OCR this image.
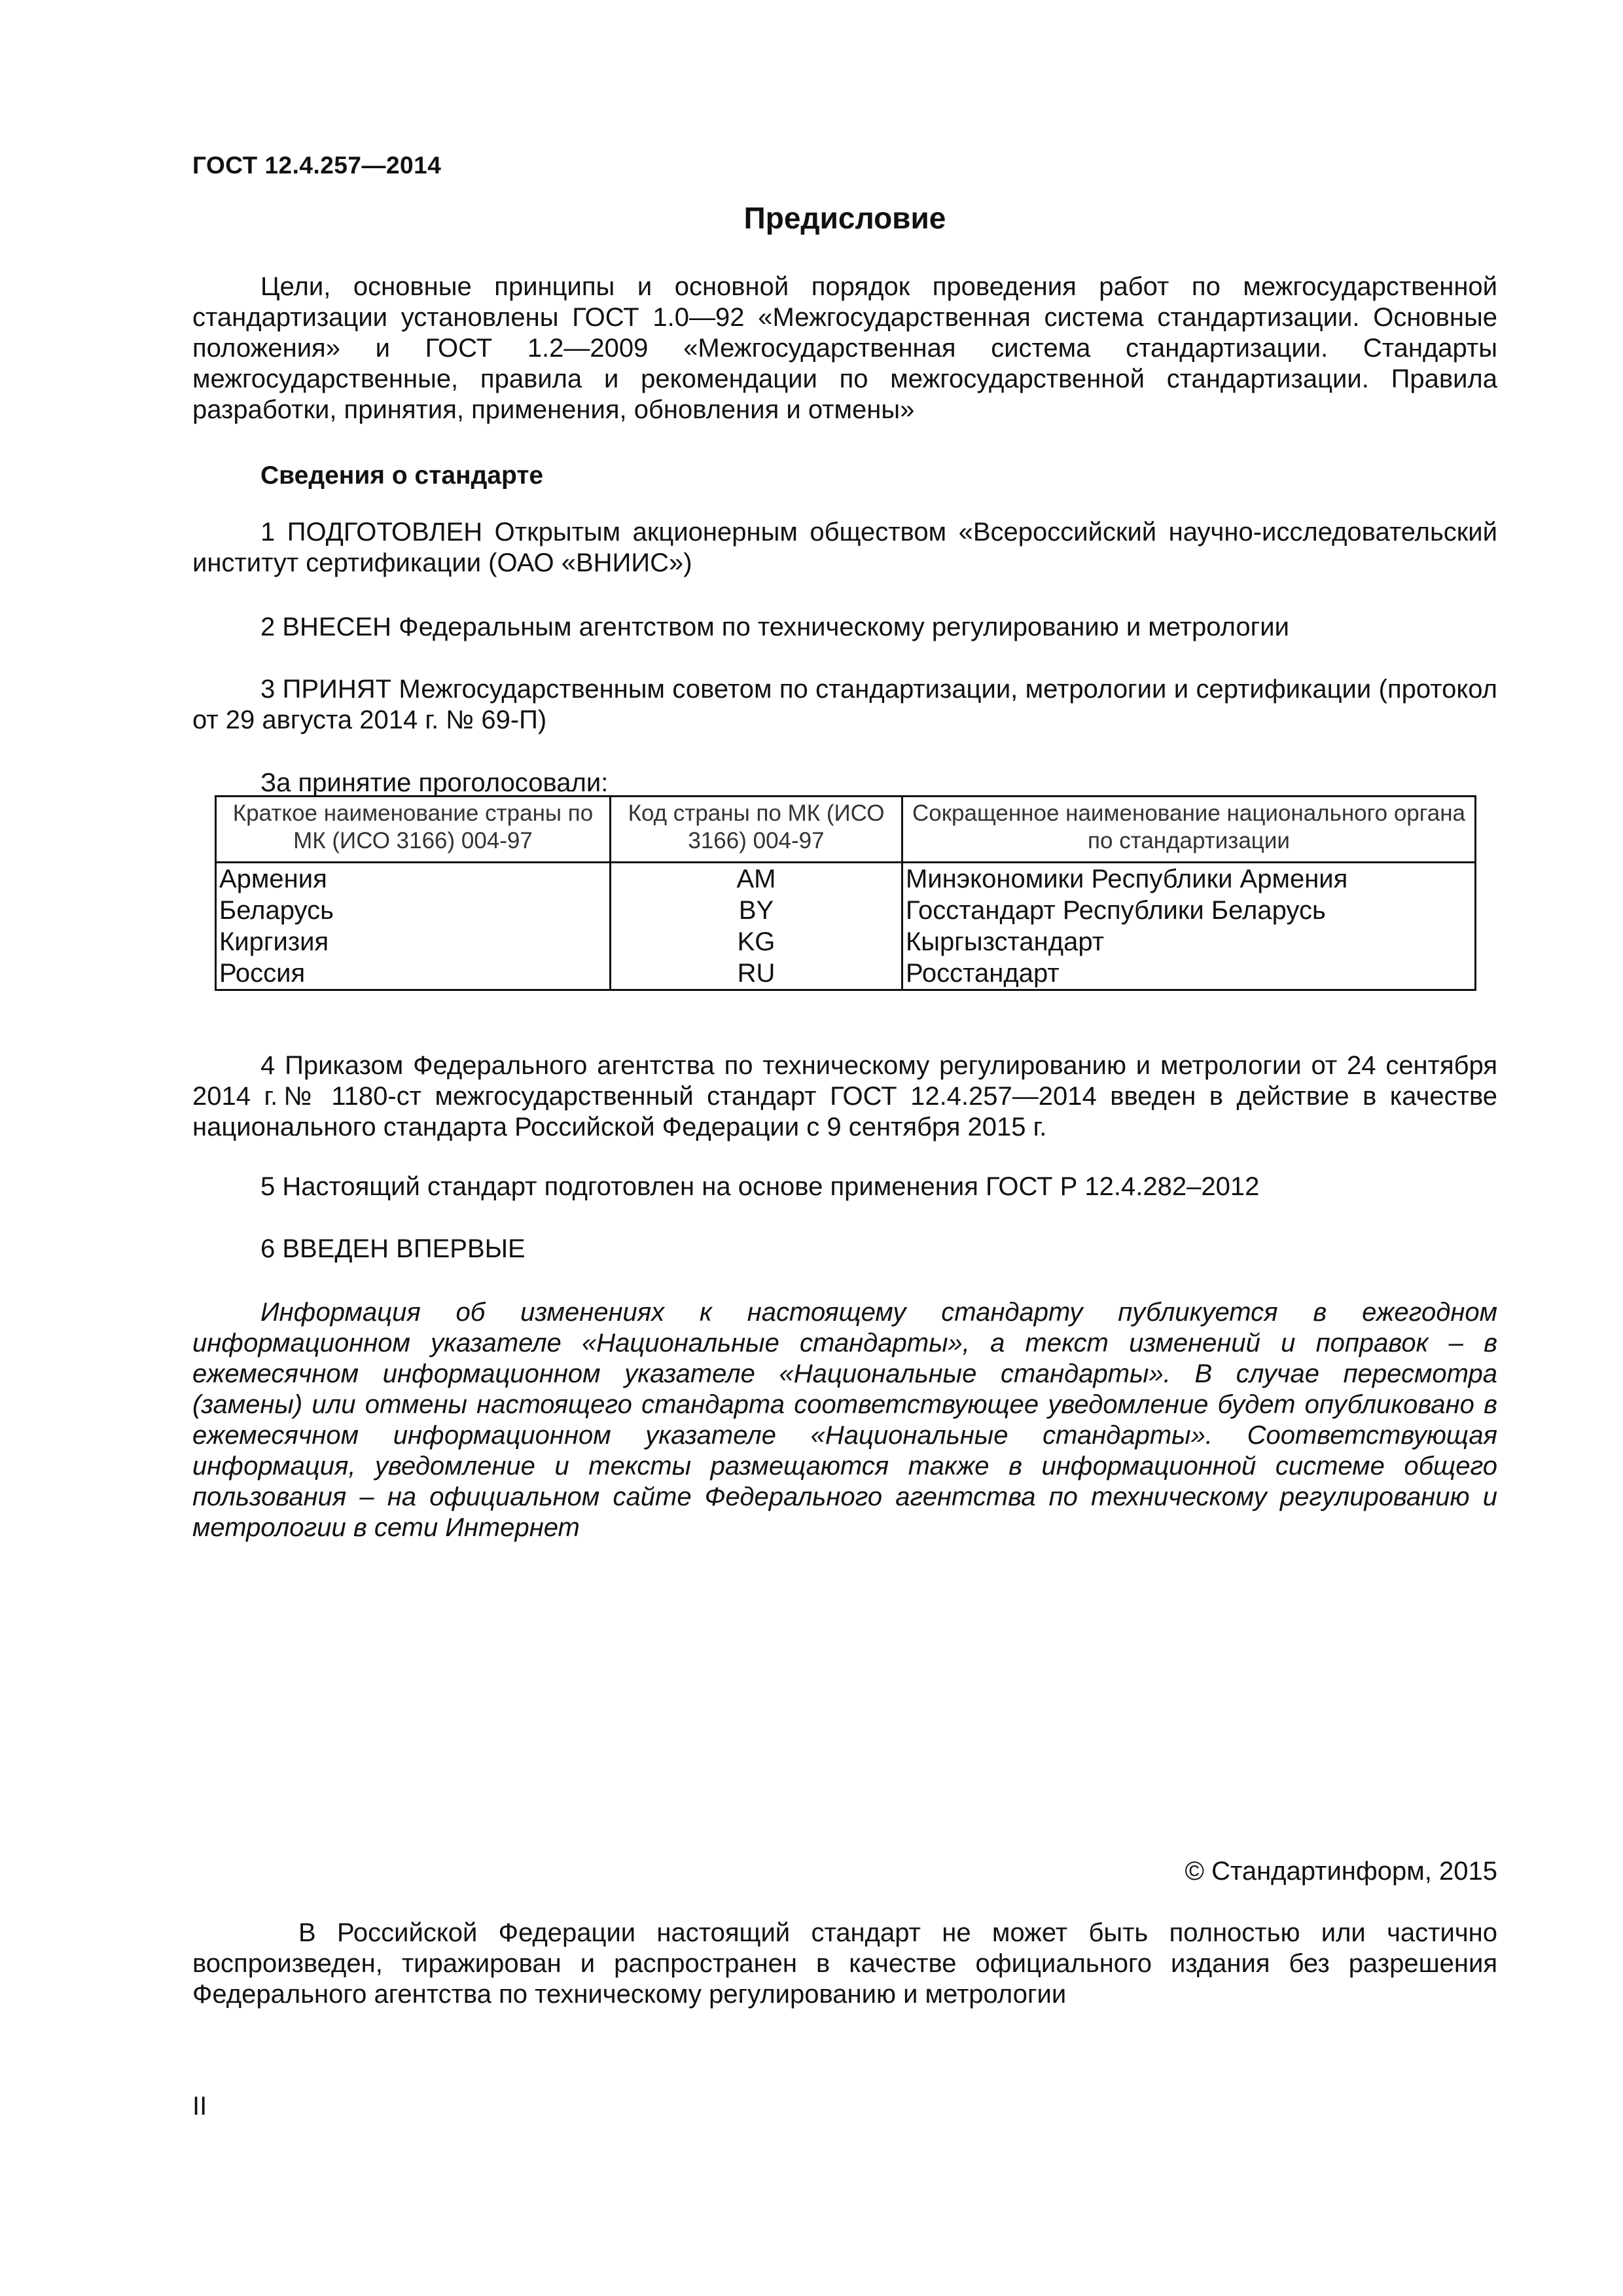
ГОСТ 12.4.257—2014
Предисловие
Цели, основные принципы и основной порядок проведения работ по межгосударственной стандартизации установлены ГОСТ 1.0—92 «Межгосударственная система стандартизации. Основные положения» и ГОСТ 1.2—2009 «Межгосударственная система стандартизации. Стандарты межгосударственные, правила и рекомендации по межгосударственной стандартизации. Правила разработки, принятия, применения, обновления и отмены»
Сведения о стандарте
1 ПОДГОТОВЛЕН Открытым акционерным обществом «Всероссийский научно-исследовательский институт сертификации (ОАО «ВНИИС»)
2 ВНЕСЕН Федеральным агентством по техническому регулированию и метрологии
3 ПРИНЯТ Межгосударственным советом по стандартизации, метрологии и сертификации (протокол от 29 августа 2014 г. № 69-П)
За принятие проголосовали:
Краткое наименование страны по МК (ИСО 3166) 004-97	Код страны по МК (ИСО 3166) 004-97	Сокращенное наименование национального органа по стандартизации
Армения	AM	Минэкономики Республики Армения
Беларусь	BY	Госстандарт Республики Беларусь
Киргизия	KG	Кыргызстандарт
Россия	RU	Росстандарт
4 Приказом Федерального агентства по техническому регулированию и метрологии от 24 сентября 2014 г.№ 1180-ст межгосударственный стандарт ГОСТ 12.4.257—2014 введен в действие в качестве национального стандарта Российской Федерации с 9 сентября 2015 г.
5 Настоящий стандарт подготовлен на основе применения ГОСТ Р 12.4.282–2012
6 ВВЕДЕН ВПЕРВЫЕ
Информация об изменениях к настоящему стандарту публикуется в ежегодном информационном указателе «Национальные стандарты», а текст изменений и поправок – в ежемесячном информационном указателе «Национальные стандарты». В случае пересмотра (замены) или отмены настоящего стандарта соответствующее уведомление будет опубликовано в ежемесячном информационном указателе «Национальные стандарты». Соответствующая информация, уведомление и тексты размещаются также в информационной системе общего пользования – на официальном сайте Федерального агентства по техническому регулированию и метрологии в сети Интернет
© Стандартинформ, 2015
В Российской Федерации настоящий стандарт не может быть полностью или частично воспроизведен, тиражирован и распространен в качестве официального издания без разрешения Федерального агентства по техническому регулированию и метрологии
II
